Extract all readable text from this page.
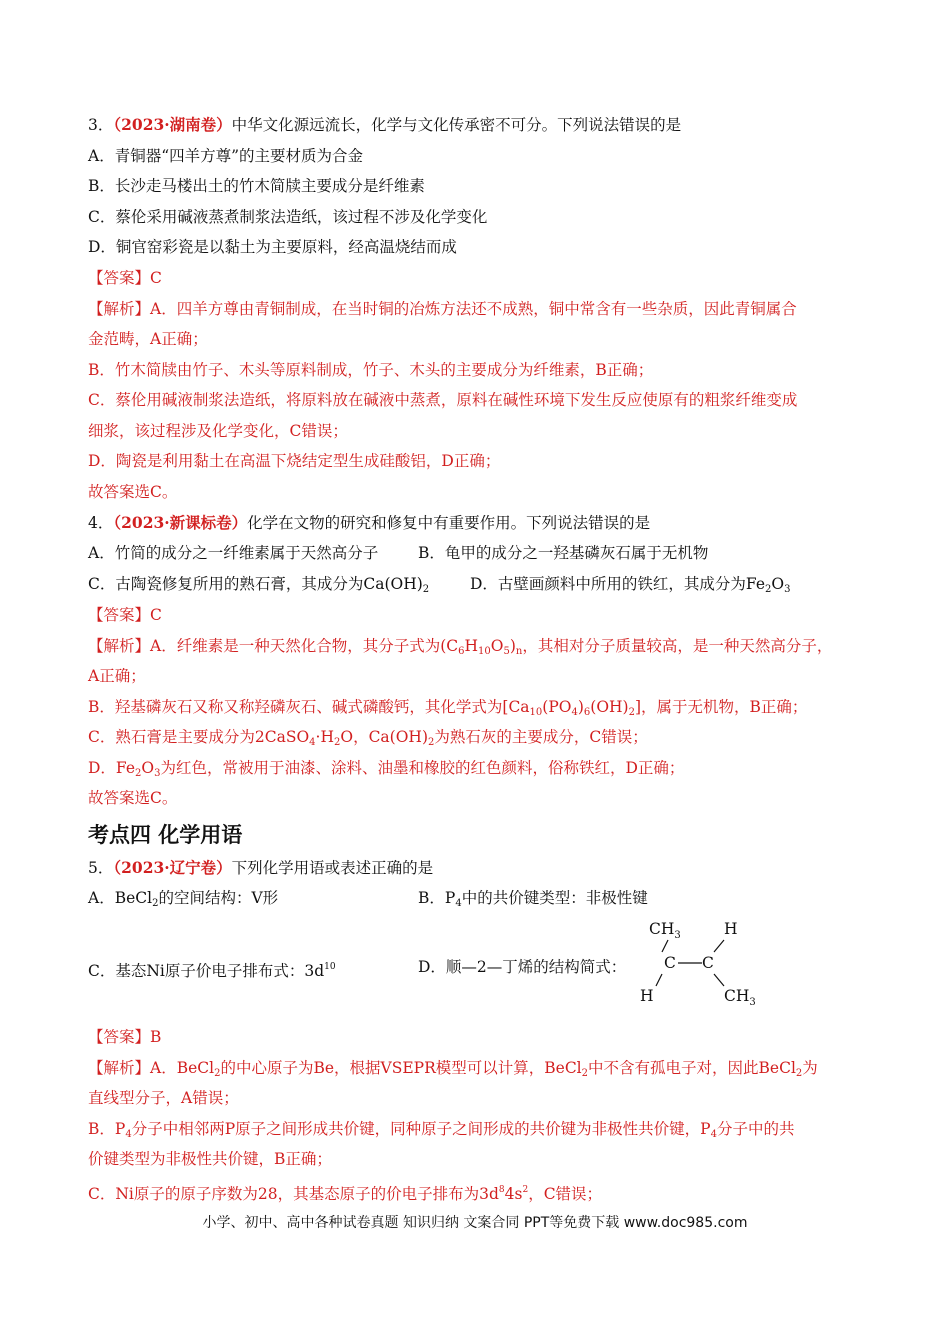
3．（2023·湖南卷）中华文化源远流长，化学与文化传承密不可分。下列说法错误的是
A．青铜器“四羊方尊”的主要材质为合金
B．长沙走马楼出土的竹木简牍主要成分是纤维素
C．蔡伦采用碱液蒸煮制浆法造纸，该过程不涉及化学变化
D．铜官窑彩瓷是以黏土为主要原料，经高温烧结而成
【答案】C
【解析】A．四羊方尊由青铜制成，在当时铜的冶炼方法还不成熟，铜中常含有一些杂质，因此青铜属合
金范畴，A正确；
B．竹木简牍由竹子、木头等原料制成，竹子、木头的主要成分为纤维素，B正确；
C．蔡伦用碱液制浆法造纸，将原料放在碱液中蒸煮，原料在碱性环境下发生反应使原有的粗浆纤维变成
细浆，该过程涉及化学变化，C错误；
D．陶瓷是利用黏土在高温下烧结定型生成硅酸铝，D正确；
故答案选C。
4．（2023·新课标卷）化学在文物的研究和修复中有重要作用。下列说法错误的是
A．竹简的成分之一纤维素属于天然高分子	B．龟甲的成分之一羟基磷灰石属于无机物
C．古陶瓷修复所用的熟石膏，其成分为$Ca(OH)_2$	D．古壁画颜料中所用的铁红，其成分为$Fe_2O_3$
【答案】C
【解析】A．纤维素是一种天然化合物，其分子式为$(C_6H_{10}O_5)_n$，其相对分子质量较高，是一种天然高分子，
A正确；
B．羟基磷灰石又称又称羟磷灰石、碱式磷酸钙，其化学式为$[Ca_{10}(PO_4)_6(OH)_2]$，属于无机物，B正确；
C．熟石膏是主要成分为$2CaSO_4\cdot H_2O$，$Ca(OH)_2$为熟石灰的主要成分，C错误；
D．$Fe_2O_3$为红色，常被用于油漆、涂料、油墨和橡胶的红色颜料，俗称铁红，D正确；
故答案选C。
考点四 化学用语
5．（2023·辽宁卷）下列化学用语或表述正确的是
A．BeCl$_2$的空间结构：V形	B．$P_4$中的共价键类型：非极性键
C．基态Ni原子价电子排布式：$3d^{10}$	D．顺—2—丁烯的结构简式：
$CH_3$	H
C C
H	$CH_3$
【答案】B
【解析】A．BeCl$_2$的中心原子为Be，根据VSEPR模型可以计算，BeCl$_2$中不含有孤电子对，因此BeCl$_2$为
直线型分子，A错误；
B．$P_4$分子中相邻两P原子之间形成共价键，同种原子之间形成的共价键为非极性共价键，$P_4$分子中的共
价键类型为非极性共价键，B正确；
C．Ni原子的原子序数为28，其基态原子的价电子排布为$3d^84s^2$，C错误；
小学、初中、高中各种试卷真题 知识归纳 文案合同 PPT等免费下载 www.doc985.com
